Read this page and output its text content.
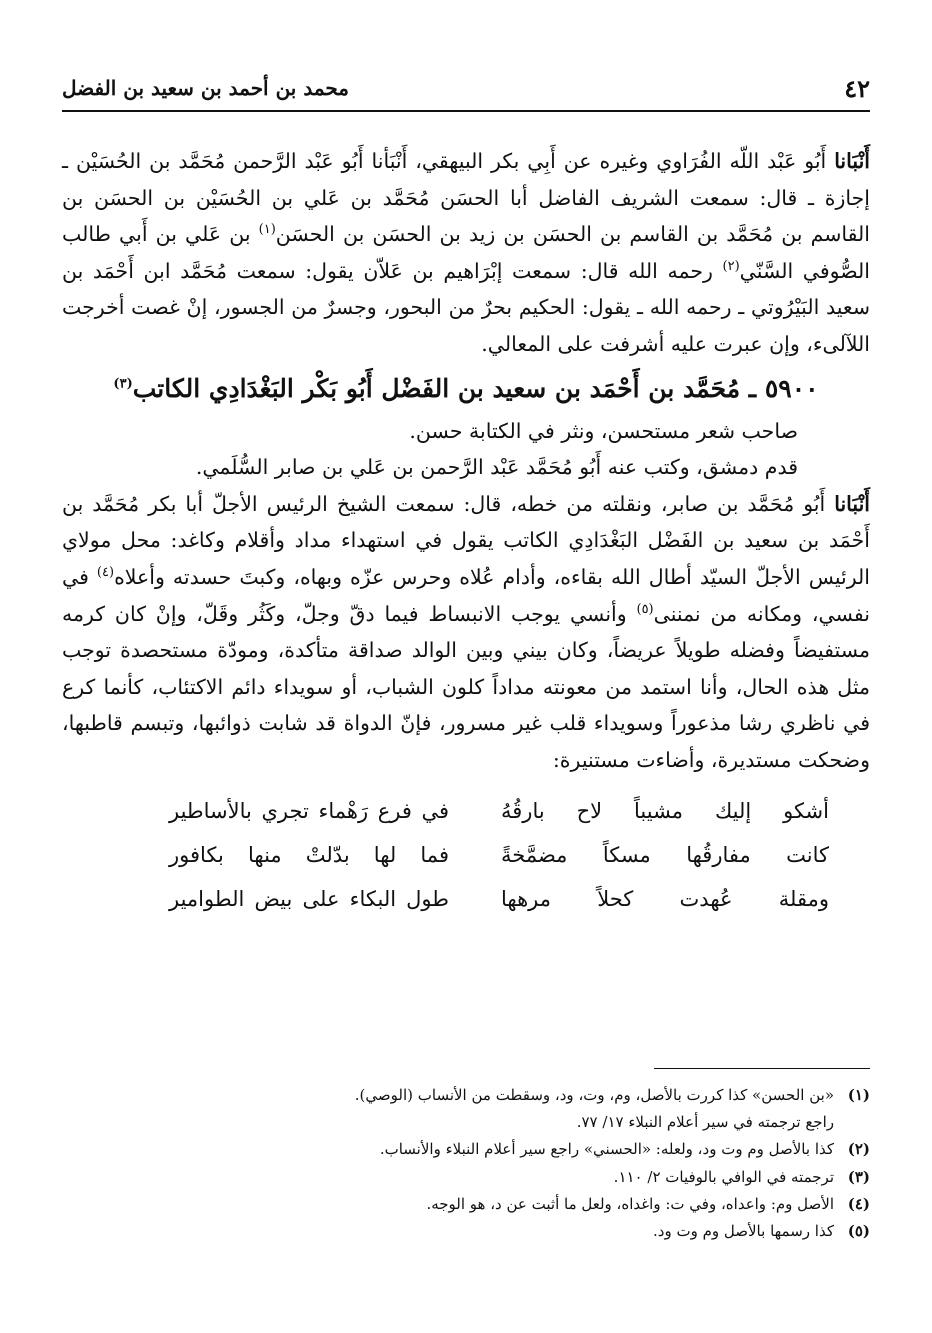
٤٢
محمد بن أحمد بن سعيد بن الفضل

أَنْبَانا أَبُو عَبْد اللّه الفُرَاوي وغيره عن أَبِي بكر البيهقي، أَنْبَأنا أَبُو عَبْد الرَّحمن مُحَمَّد بن الحُسَيْن ـ إجازة ـ قال: سمعت الشريف الفاضل أبا الحسَن مُحَمَّد بن عَلي بن الحُسَيْن بن الحسَن بن القاسم بن مُحَمَّد بن القاسم بن الحسَن بن زيد بن الحسَن بن الحسَن$^{(١)}$ بن عَلي بن أَبي طالب الصُّوفي السَّنّي$^{(٢)}$ رحمه الله قال: سمعت إبْرَاهيم بن عَلاّن يقول: سمعت مُحَمَّد ابن أَحْمَد بن سعيد البَيْرُوتي ـ رحمه الله ـ يقول: الحكيم بحرٌ من البحور، وجسرٌ من الجسور، إنْ غصت أخرجت اللآلىء، وإن عبرت عليه أشرفت على المعالي.

٥٩٠٠ ـ مُحَمَّد بن أَحْمَد بن سعيد بن الفَضْل أَبُو بَكْر البَغْدَادِي الكاتب$^{(٣)}$

صاحب شعر مستحسن، ونثر في الكتابة حسن.

قدم دمشق، وكتب عنه أَبُو مُحَمَّد عَبْد الرَّحمن بن عَلي بن صابر السُّلَمي.

أَنْبَانا أَبُو مُحَمَّد بن صابر، ونقلته من خطه، قال: سمعت الشيخ الرئيس الأجلّ أبا بكر مُحَمَّد بن أَحْمَد بن سعيد بن الفَضْل البَغْدَادِي الكاتب يقول في استهداء مداد وأقلام وكاغد: محل مولاي الرئيس الأجلّ السيّد أطال الله بقاءه، وأدام عُلاه وحرس عزّه وبهاه، وكبتَ حسدته وأعلاه$^{(٤)}$ في نفسي، ومكانه من نمننى$^{(٥)}$ وأنسي يوجب الانبساط فيما دقّ وجلّ، وكَثُر وقَلّ، وإنْ كان كرمه مستفيضاً وفضله طويلاً عريضاً، وكان بيني وبين الوالد صداقة متأكدة، ومودّة مستحصدة توجب مثل هذه الحال، وأنا استمد من معونته مداداً كلون الشباب، أو سويداء دائم الاكتئاب، كأنما كرع في ناظري رشا مذعوراً وسويداء قلب غير مسرور، فإنّ الدواة قد شابت ذوائبها، وتبسم قاطبها، وضحكت مستديرة، وأضاءت مستنيرة:

أشكو إليك مشيباً لاح بارقُهُ
في فرع رَهْماء تجري بالأساطير
كانت مفارقُها مسكاً مضمَّخةً
فما لها بدّلتْ منها بكافور
ومقلة عُهدت كحلاً مرهها
طول البكاء على بيض الطوامير
(١)
«بن الحسن» كذا كررت بالأصل، وم، وت، ود، وسقطت من الأنساب (الوصي).
راجع ترجمته في سير أعلام النبلاء ١٧/ ٧٧.
(٢)
كذا بالأصل وم وت ود، ولعله: «الحسني» راجع سير أعلام النبلاء والأنساب.
(٣)
ترجمته في الوافي بالوفيات ٢/ ١١٠.
(٤)
الأصل وم: واعداه، وفي ت: واغداه، ولعل ما أثبت عن د، هو الوجه.
(٥)
كذا رسمها بالأصل وم وت ود.
